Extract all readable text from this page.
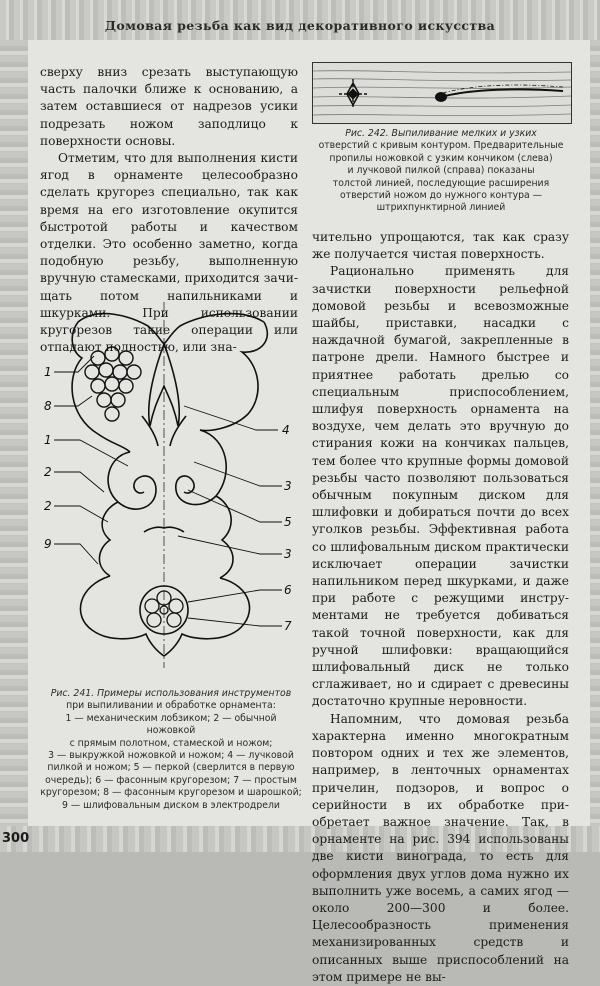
Домовая резьба как вид декоративного искусства
300

сверху вниз срезать выступающую часть палочки ближе к основанию, а затем оставшиеся от надрезов усики подрезать ножом заподлицо к поверхности основы.

Отметим, что для выполнения кисти ягод в орнаменте целесообразно сделать кругорез специально, так как время на его изготовление окупится быстротой работы и качеством отделки. Это особенно заметно, когда подобную резьбу, выполненную вручную стамесками, приходится зачищать потом напильниками и шкурками. При использовании кругорезов такие операции или отпадают полностью, или зна-

Рис. 242. Выпиливание мелких и узких
отверстий с кривым контуром. Предварительные
пропилы ножовкой с узким кончиком (слева)
и лучковой пилкой (справа) показаны
толстой линией, последующие расширения
отверстий ножом до нужного контура —
штрихпунктирной линией

чительно упрощаются, так как сразу же получается чистая поверхность.

Рационально применять для зачистки поверхности рельефной домовой резьбы и всевозможные шайбы, приставки, насадки с наждачной бумагой, закрепленные в патроне дрели. Намного быстрее и приятнее работать дрелью со специальным приспособлением, шлифуя поверхность орнамента на воздухе, чем делать это вручную до стирания кожи на кончиках пальцев, тем более что крупные формы домовой резьбы часто позволяют пользоваться обычным покупным диском для шлифовки и добираться почти до всех уголков резьбы. Эффективная работа со шлифовальным диском практически исключает операции зачистки напильником перед шкурками, и даже при работе с режущими инструментами не требуется добиваться такой точной поверхности, как для ручной шлифовки: вращающийся шлифовальный диск не только сглаживает, но и сдирает с древесины достаточно крупные неровности.

Напомним, что домовая резьба характерна именно многократным повтором одних и тех же элементов, например, в ленточных орнаментах причелин, подзоров, и вопрос о серийности в их обработке приобретает важное значение. Так, в орнаменте на рис. 394 использованы две кисти винограда, то есть для оформления двух углов дома нужно их выполнить уже восемь, а самих ягод — около 200—300 и более. Целесообразность применения механизированных средств и описанных выше приспособлений на этом примере не вы-

1
8
1
2
2
9
4
3
5
3
6
7
Рис. 241. Примеры использования инструментов
при выпиливании и обработке орнамента:
1 — механическим лобзиком; 2 — обычной ножовкой
с прямым полотном, стамеской и ножом;
3 — выкружкой ножовкой и ножом; 4 — лучковой
пилкой и ножом; 5 — перкой (сверлится в первую
очередь); 6 — фасонным кругорезом; 7 — простым
кругорезом; 8 — фасонным кругорезом и шарошкой;
9 — шлифовальным диском в электродрели
